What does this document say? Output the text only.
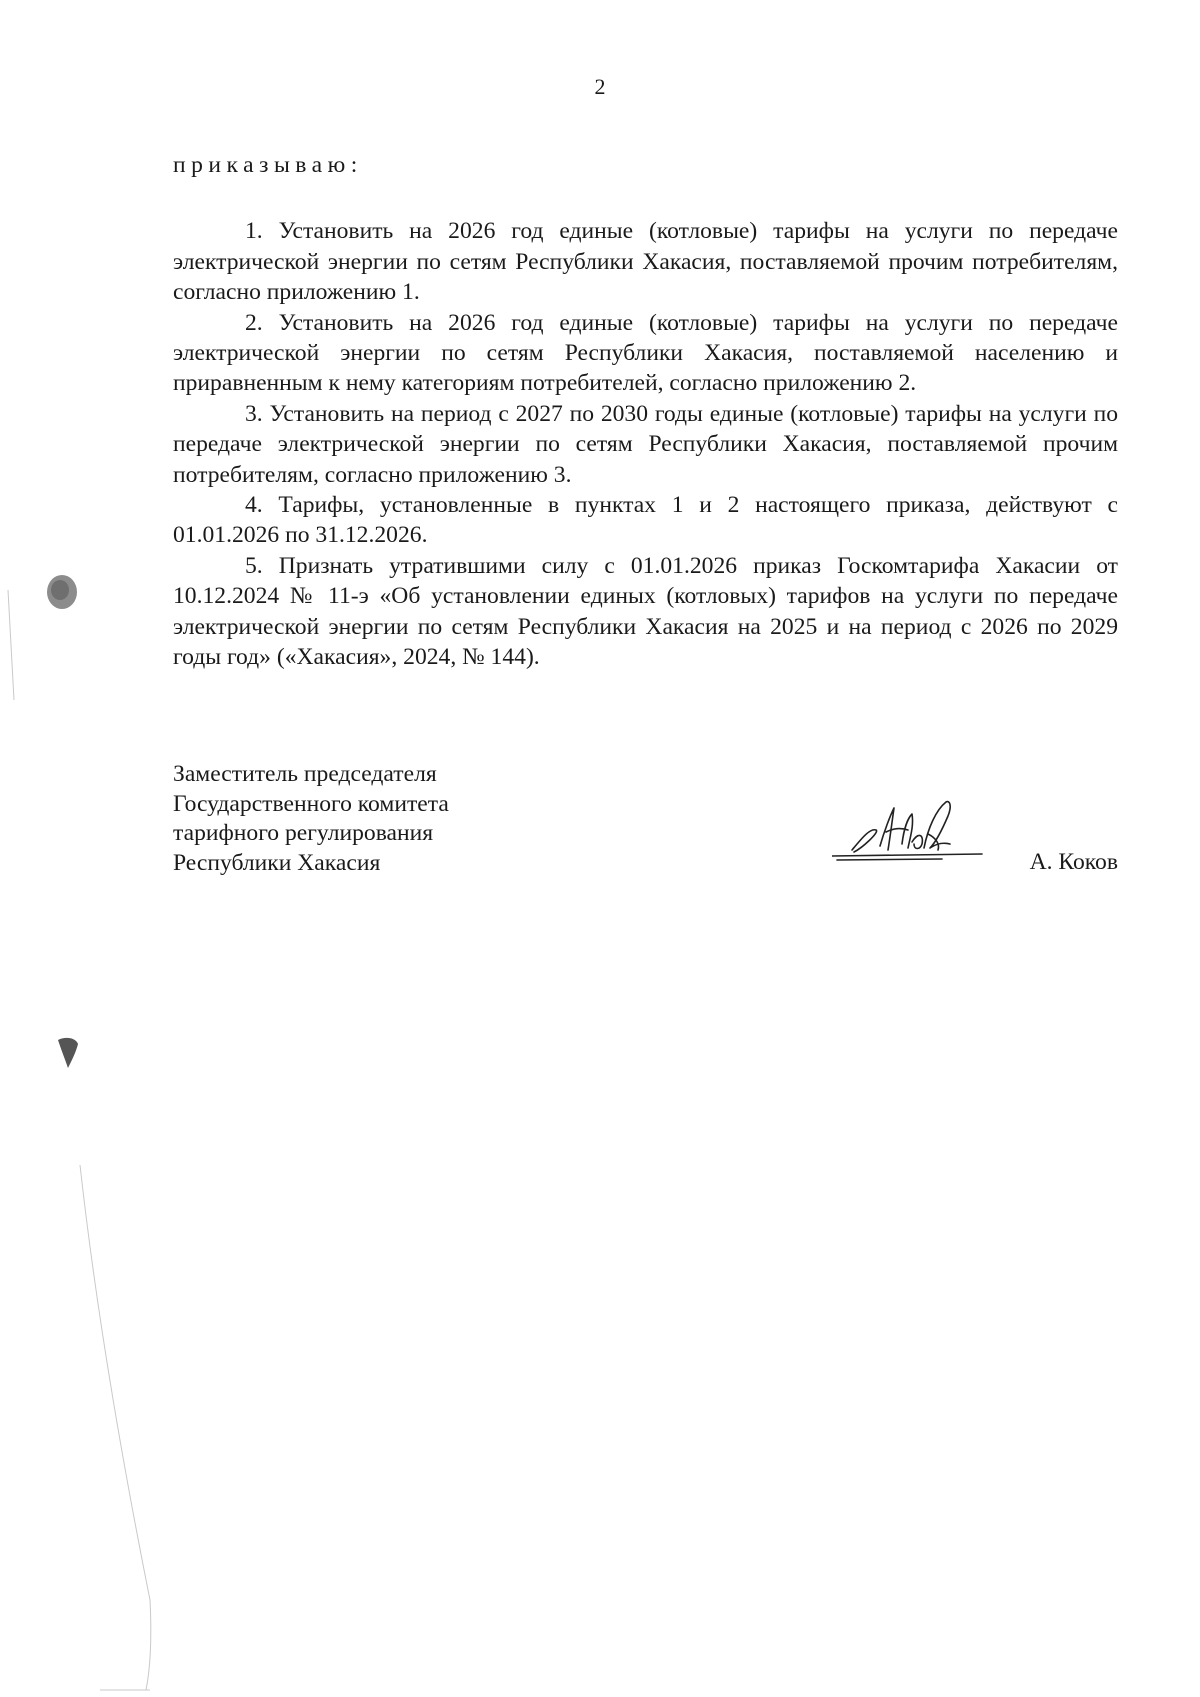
2

приказываю:

1. Установить на 2026 год единые (котловые) тарифы на услуги по передаче электрической энергии по сетям Республики Хакасия, поставляемой прочим потребителям, согласно приложению 1.

2. Установить на 2026 год единые (котловые) тарифы на услуги по передаче электрической энергии по сетям Республики Хакасия, поставляемой населению и приравненным к нему категориям потребителей, согласно приложению 2.

3. Установить на период с 2027 по 2030 годы единые (котловые) тарифы на услуги по передаче электрической энергии по сетям Республики Хакасия, поставляемой прочим потребителям, согласно приложению 3.

4. Тарифы, установленные в пунктах 1 и 2 настоящего приказа, действуют с 01.01.2026 по 31.12.2026.

5. Признать утратившими силу с 01.01.2026 приказ Госкомтарифа Хакасии от 10.12.2024 № 11-э «Об установлении единых (котловых) тарифов на услуги по передаче электрической энергии по сетям Республики Хакасия на 2025 и на период с 2026 по 2029 годы год» («Хакасия», 2024, № 144).

Заместитель председателя
Государственного комитета
тарифного регулирования
Республики Хакасия	А. Коков
